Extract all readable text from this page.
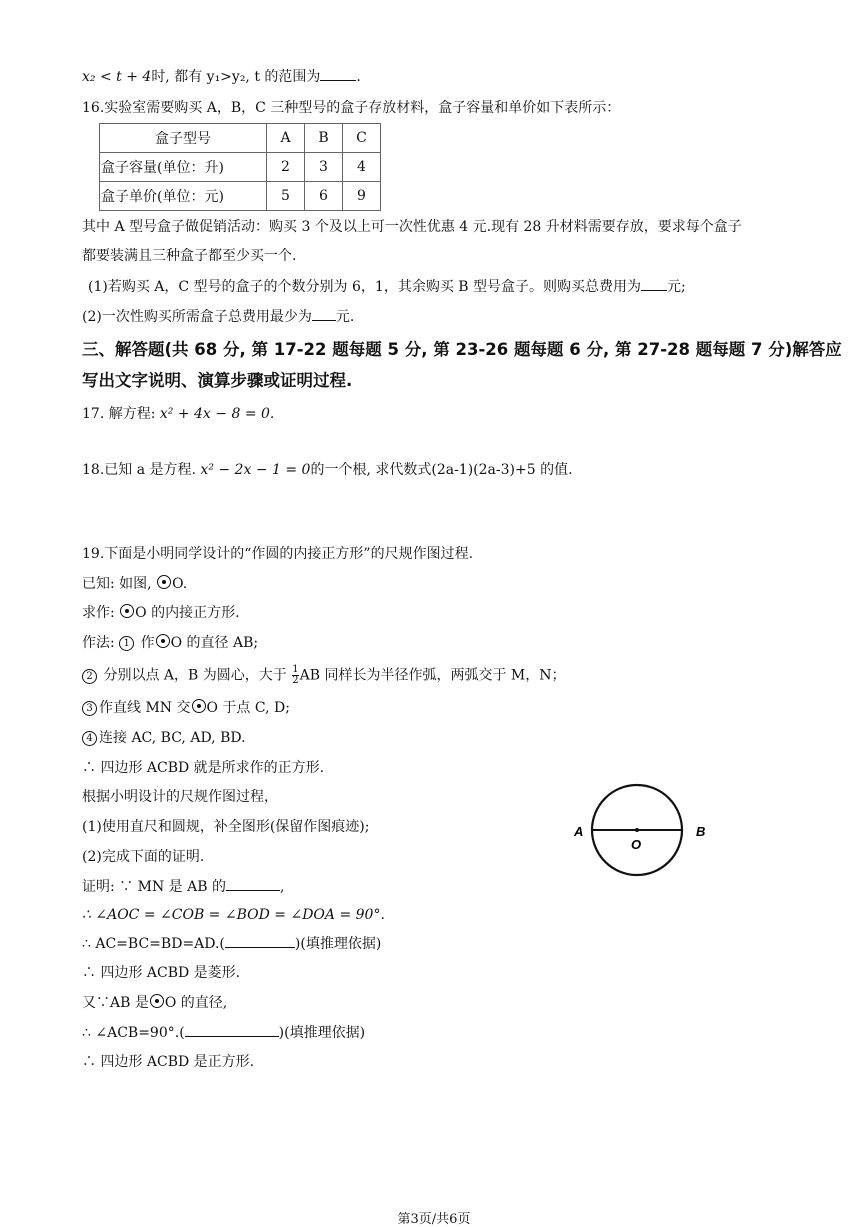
x₂ < t + 4时, 都有 y₁>y₂, t 的范围为	.
16.实验室需要购买 A，B，C 三种型号的盒子存放材料，盒子容量和单价如下表所示：
盒子型号	A	B	C
盒子容量(单位：升)	2	3	4
盒子单价(单位：元)	5	6	9
其中 A 型号盒子做促销活动：购买 3 个及以上可一次性优惠 4 元.现有 28 升材料需要存放，要求每个盒子
都要装满且三种盒子都至少买一个.
(1)若购买 A，C 型号的盒子的个数分别为 6，1，其余购买 B 型号盒子。则购买总费用为 元;
(2)一次性购买所需盒子总费用最少为 元.
三、解答题(共 68 分, 第 17-22 题每题 5 分, 第 23-26 题每题 6 分, 第 27-28 题每题 7 分)解答应
写出文字说明、演算步骤或证明过程.
17. 解方程: x² + 4x − 8 = 0.
18.已知 a 是方程. x² − 2x − 1 = 0的一个根, 求代数式(2a-1)(2a-3)+5 的值.
19.下面是小明同学设计的“作圆的内接正方形”的尺规作图过程.
已知: 如图, O.
求作: O 的内接正方形.
作法: 1 作 O 的直径 AB;
2 分别以点 A，B 为圆心，大于 $\frac{1}{2}$ AB 同样长为半径作弧，两弧交于 M，N；
3 作直线 MN 交 O 于点 C, D;
4 连接 AC, BC, AD, BD.
∴ 四边形 ACBD 就是所求作的正方形.
根据小明设计的尺规作图过程，
(1)使用直尺和圆规，补全图形(保留作图痕迹);
(2)完成下面的证明.
证明: ∵ MN 是 AB 的	,
∴ ∠AOC = ∠COB = ∠BOD = ∠DOA = 90°.
∴ AC=BC=BD=AD.(	)(填推理依据)
∴ 四边形 ACBD 是菱形.
又∵AB 是 O 的直径,
∴ ∠ACB=90°.(	)(填推理依据)
∴ 四边形 ACBD 是正方形.
A	B
O
第3页/共6页
